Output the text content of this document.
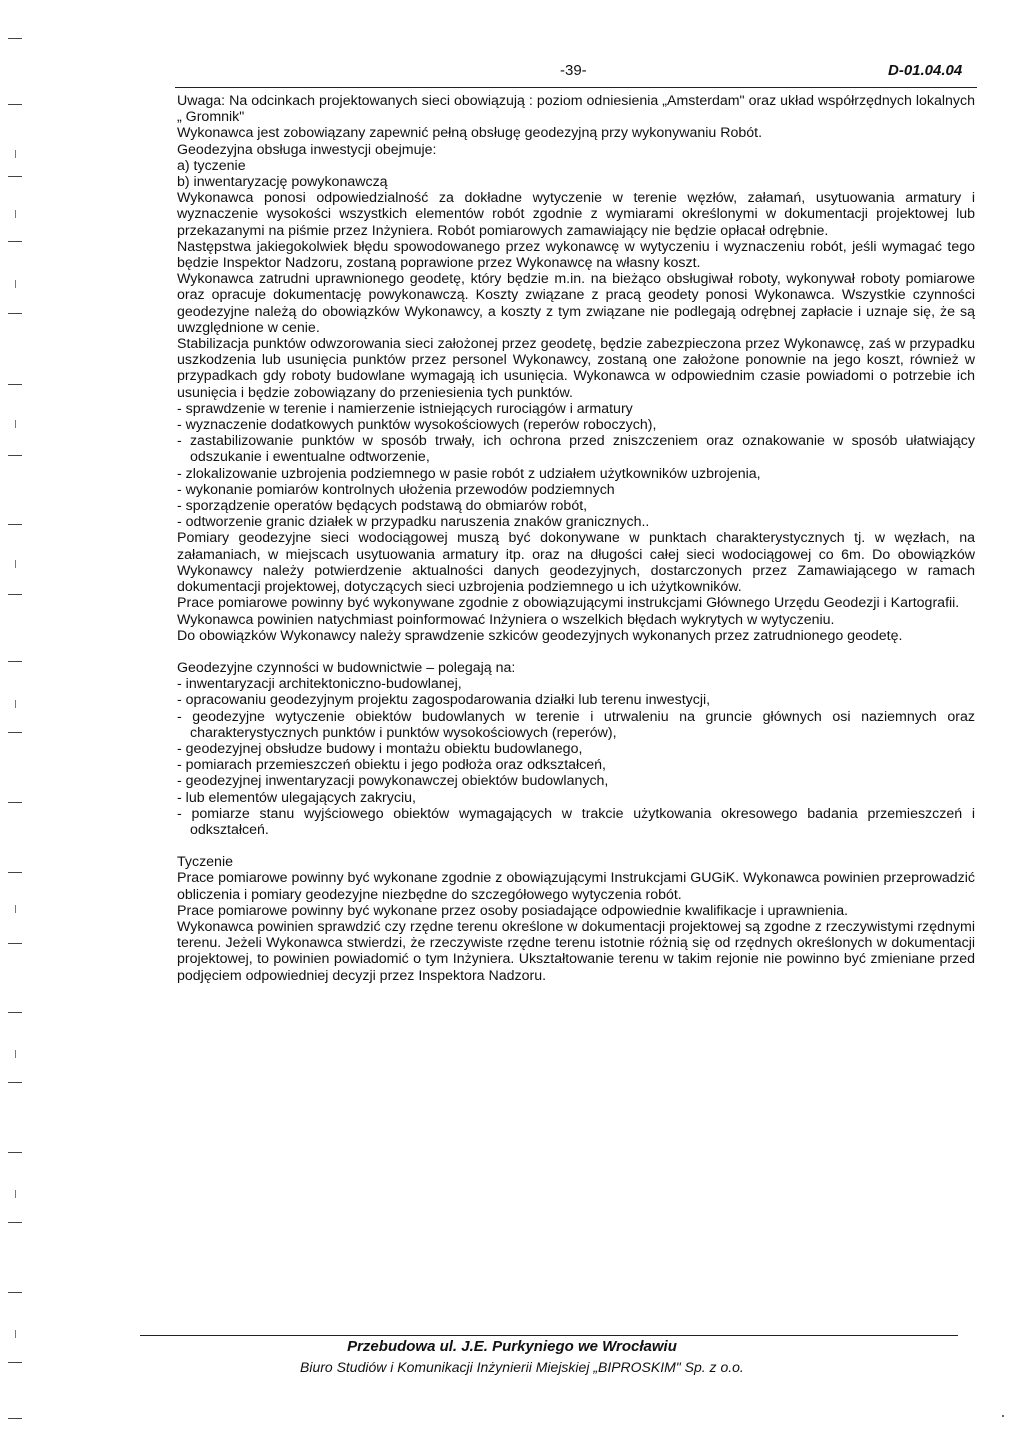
-39-	D-01.04.04

Uwaga: Na odcinkach projektowanych sieci obowiązują : poziom odniesienia „Amsterdam" oraz układ współrzędnych lokalnych „ Gromnik"

Wykonawca jest zobowiązany zapewnić pełną obsługę geodezyjną przy wykonywaniu Robót.

Geodezyjna obsługa inwestycji obejmuje:

a) tyczenie

b) inwentaryzację powykonawczą

Wykonawca ponosi odpowiedzialność za dokładne wytyczenie w terenie węzłów, załamań, usytuowania armatury i wyznaczenie wysokości wszystkich elementów robót zgodnie z wymiarami określonymi w dokumentacji projektowej lub przekazanymi na piśmie przez Inżyniera. Robót pomiarowych zamawiający nie będzie opłacał odrębnie.

Następstwa jakiegokolwiek błędu spowodowanego przez wykonawcę w wytyczeniu i wyznaczeniu robót, jeśli wymagać tego będzie Inspektor Nadzoru, zostaną poprawione przez Wykonawcę na własny koszt.

Wykonawca zatrudni uprawnionego geodetę, który będzie m.in. na bieżąco obsługiwał roboty, wykonywał roboty pomiarowe oraz opracuje dokumentację powykonawczą. Koszty związane z pracą geodety ponosi Wykonawca. Wszystkie czynności geodezyjne należą do obowiązków Wykonawcy, a koszty z tym związane nie podlegają odrębnej zapłacie i uznaje się, że są uwzględnione w cenie.

Stabilizacja punktów odwzorowania sieci założonej przez geodetę, będzie zabezpieczona przez Wykonawcę, zaś w przypadku uszkodzenia lub usunięcia punktów przez personel Wykonawcy, zostaną one założone ponownie na jego koszt, również w przypadkach gdy roboty budowlane wymagają ich usunięcia. Wykonawca w odpowiednim czasie powiadomi o potrzebie ich usunięcia i będzie zobowiązany do przeniesienia tych punktów.

- sprawdzenie w terenie i namierzenie istniejących rurociągów i armatury
- wyznaczenie dodatkowych punktów wysokościowych (reperów roboczych),
- zastabilizowanie punktów w sposób trwały, ich ochrona przed zniszczeniem oraz oznakowanie w sposób ułatwiający odszukanie i ewentualne odtworzenie,
- zlokalizowanie uzbrojenia podziemnego w pasie robót z udziałem użytkowników uzbrojenia,
- wykonanie pomiarów kontrolnych ułożenia przewodów podziemnych
- sporządzenie operatów będących podstawą do obmiarów robót,
- odtworzenie granic działek w przypadku naruszenia znaków granicznych..

Pomiary geodezyjne sieci wodociągowej muszą być dokonywane w punktach charakterystycznych tj. w węzłach, na załamaniach, w miejscach usytuowania armatury itp. oraz na długości całej sieci wodociągowej co 6m. Do obowiązków Wykonawcy należy potwierdzenie aktualności danych geodezyjnych, dostarczonych przez Zamawiającego w ramach dokumentacji projektowej, dotyczących sieci uzbrojenia podziemnego u ich użytkowników.

Prace pomiarowe powinny być wykonywane zgodnie z obowiązującymi instrukcjami Głównego Urzędu Geodezji i Kartografii.

Wykonawca powinien natychmiast poinformować Inżyniera o wszelkich błędach wykrytych w wytyczeniu.

Do obowiązków Wykonawcy należy sprawdzenie szkiców geodezyjnych wykonanych przez zatrudnionego geodetę.

Geodezyjne czynności w budownictwie – polegają na:

- inwentaryzacji architektoniczno-budowlanej,
- opracowaniu geodezyjnym projektu zagospodarowania działki lub terenu inwestycji,
- geodezyjne wytyczenie obiektów budowlanych w terenie i utrwaleniu na gruncie głównych osi naziemnych oraz charakterystycznych punktów i punktów wysokościowych (reperów),
- geodezyjnej obsłudze budowy i montażu obiektu budowlanego,
- pomiarach przemieszczeń obiektu i jego podłoża oraz odkształceń,
- geodezyjnej inwentaryzacji powykonawczej obiektów budowlanych,
- lub elementów ulegających zakryciu,
- pomiarze stanu wyjściowego obiektów wymagających w trakcie użytkowania okresowego badania przemieszczeń i odkształceń.

Tyczenie

Prace pomiarowe powinny być wykonane zgodnie z obowiązującymi Instrukcjami GUGiK. Wykonawca powinien przeprowadzić obliczenia i pomiary geodezyjne niezbędne do szczegółowego wytyczenia robót.

Prace pomiarowe powinny być wykonane przez osoby posiadające odpowiednie kwalifikacje i uprawnienia.

Wykonawca powinien sprawdzić czy rzędne terenu określone w dokumentacji projektowej są zgodne z rzeczywistymi rzędnymi terenu. Jeżeli Wykonawca stwierdzi, że rzeczywiste rzędne terenu istotnie różnią się od rzędnych określonych w dokumentacji projektowej, to powinien powiadomić o tym Inżyniera. Ukształtowanie terenu w takim rejonie nie powinno być zmieniane przed podjęciem odpowiedniej decyzji przez Inspektora Nadzoru.

Przebudowa ul. J.E. Purkyniego we Wrocławiu
Biuro Studiów i Komunikacji Inżynierii Miejskiej „BIPROSKIM" Sp. z o.o.
